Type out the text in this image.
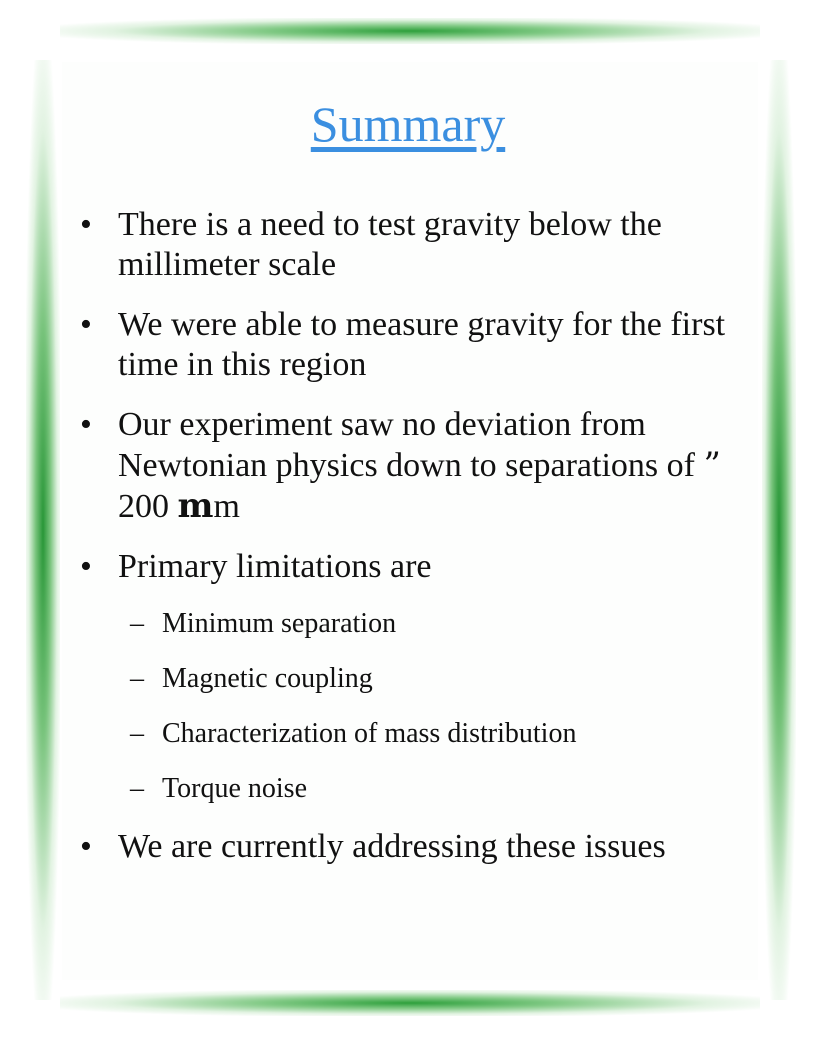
Summary
• There is a need to test gravity below the millimeter scale
• We were able to measure gravity for the first time in this region
• Our experiment saw no deviation from Newtonian physics down to separations of ” 200 mm
• Primary limitations are
– Minimum separation
– Magnetic coupling
– Characterization of mass distribution
– Torque noise
• We are currently addressing these issues
